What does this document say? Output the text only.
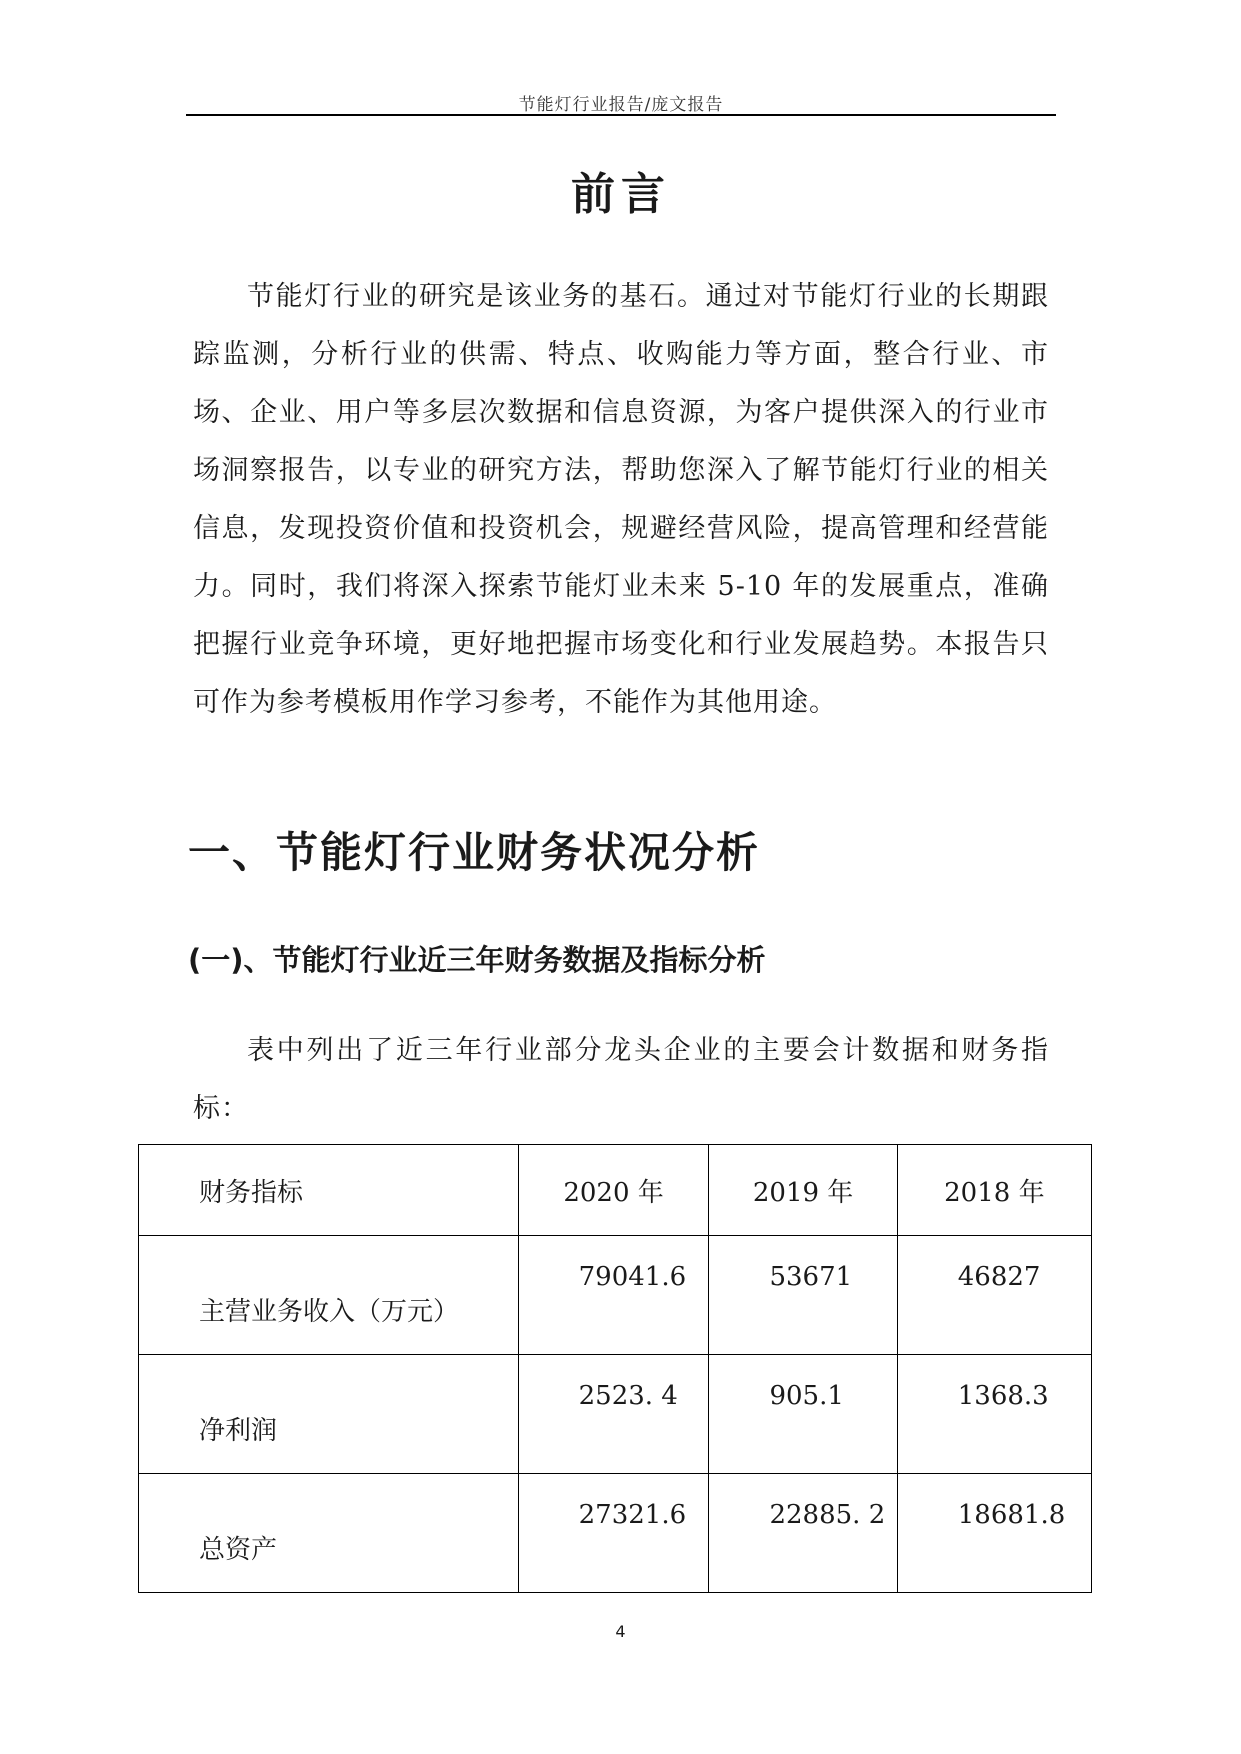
节能灯行业报告/庞文报告
前言

节能灯行业的研究是该业务的基石。通过对节能灯行业的长期跟踪监测，分析行业的供需、特点、收购能力等方面，整合行业、市场、企业、用户等多层次数据和信息资源，为客户提供深入的行业市场洞察报告，以专业的研究方法，帮助您深入了解节能灯行业的相关信息，发现投资价值和投资机会，规避经营风险，提高管理和经营能力。同时，我们将深入探索节能灯业未来 5-10 年的发展重点，准确把握行业竞争环境，更好地把握市场变化和行业发展趋势。本报告只可作为参考模板用作学习参考，不能作为其他用途。

一、节能灯行业财务状况分析
(一)、节能灯行业近三年财务数据及指标分析

表中列出了近三年行业部分龙头企业的主要会计数据和财务指标：

财务指标	2020 年	2019 年	2018 年
主营业务收入（万元）	79041.6	53671	46827
净利润	2523. 4	905.1	1368.3
总资产	27321.6	22885. 2	18681.8
4
